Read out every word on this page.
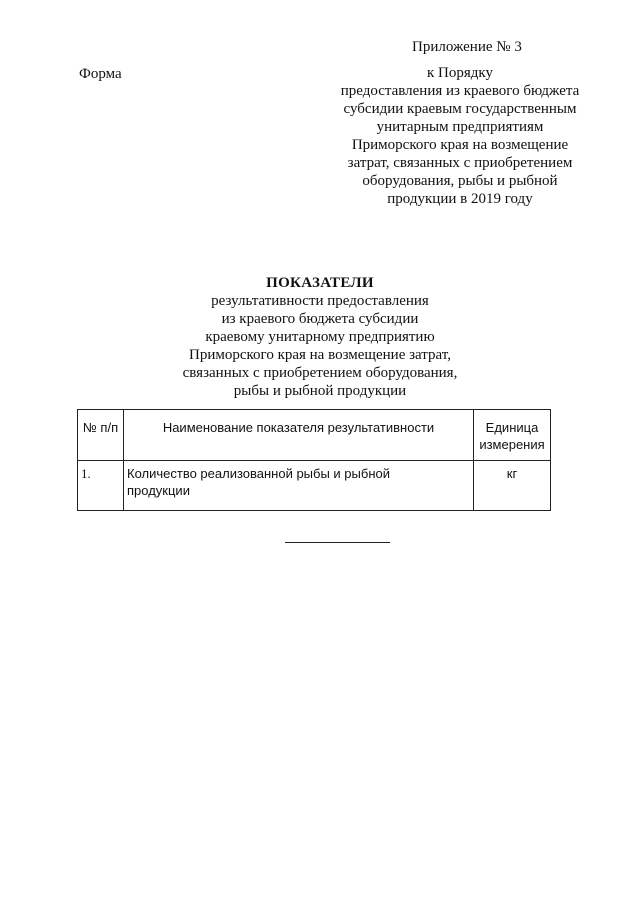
Приложение № 3
Форма	к Порядку
предоставления из краевого бюджета
субсидии краевым государственным
унитарным предприятиям
Приморского края на возмещение
затрат, связанных с приобретением
оборудования, рыбы и рыбной
продукции в 2019 году
ПОКАЗАТЕЛИ
результативности предоставления
из краевого бюджета субсидии
краевому унитарному предприятию
Приморского края на возмещение затрат,
связанных с приобретением оборудования,
рыбы и рыбной продукции
№ п/п	Наименование показателя результативности	Единица
измерения

1.	Количество реализованной рыбы и рыбной
продукции	кг
